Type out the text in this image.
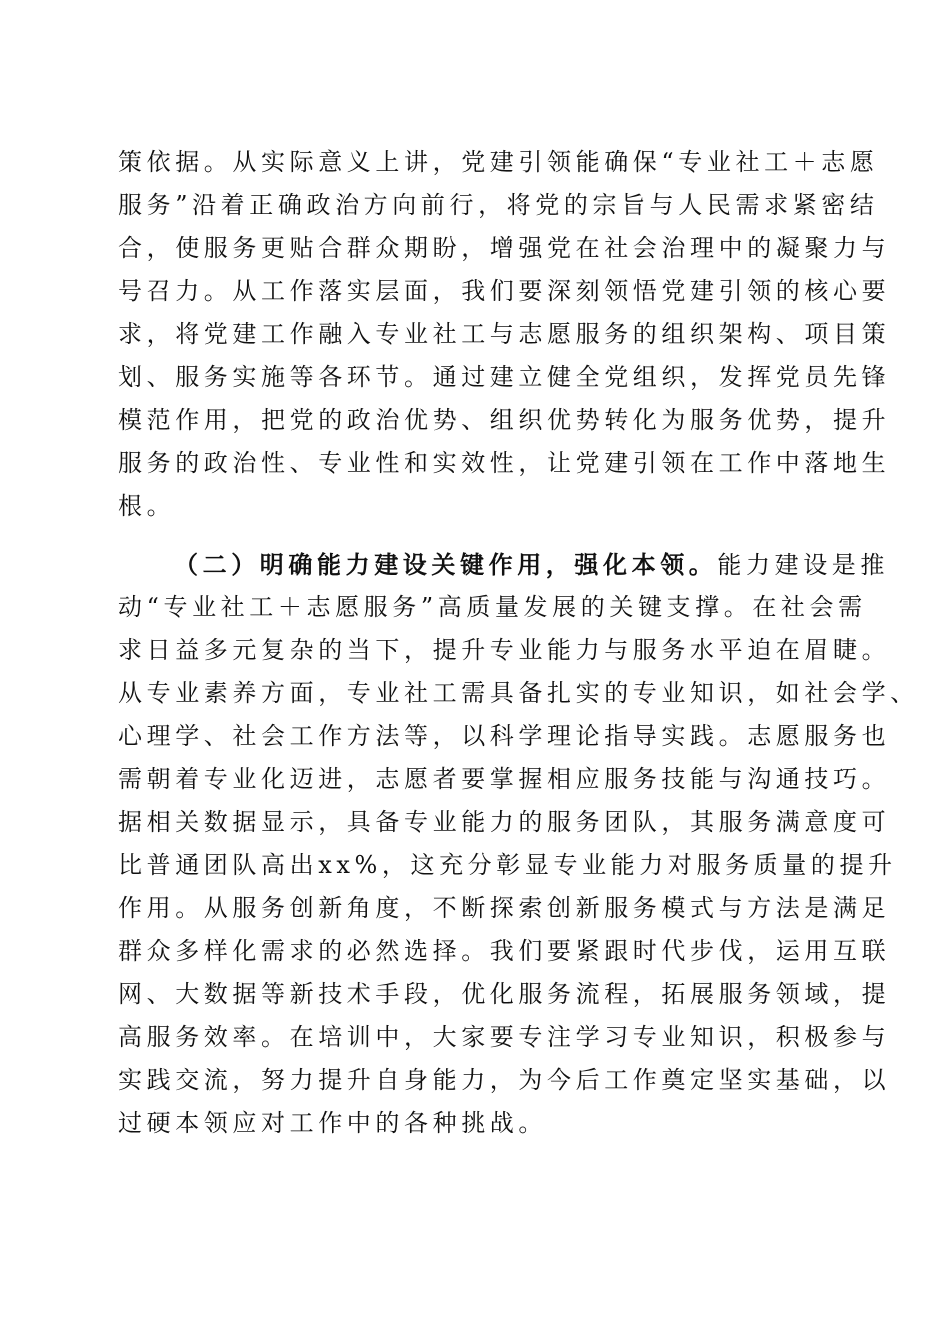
策依据。从实际意义上讲，党建引领能确保“专业社工＋志愿
服务”沿着正确政治方向前行，将党的宗旨与人民需求紧密结
合，使服务更贴合群众期盼，增强党在社会治理中的凝聚力与
号召力。从工作落实层面，我们要深刻领悟党建引领的核心要
求，将党建工作融入专业社工与志愿服务的组织架构、项目策
划、服务实施等各环节。通过建立健全党组织，发挥党员先锋
模范作用，把党的政治优势、组织优势转化为服务优势，提升
服务的政治性、专业性和实效性，让党建引领在工作中落地生
根。
（二）明确能力建设关键作用，强化本领。能力建设是推
动“专业社工＋志愿服务”高质量发展的关键支撑。在社会需
求日益多元复杂的当下，提升专业能力与服务水平迫在眉睫。
从专业素养方面，专业社工需具备扎实的专业知识，如社会学、
心理学、社会工作方法等，以科学理论指导实践。志愿服务也
需朝着专业化迈进，志愿者要掌握相应服务技能与沟通技巧。
据相关数据显示，具备专业能力的服务团队，其服务满意度可
比普通团队高出xx%，这充分彰显专业能力对服务质量的提升
作用。从服务创新角度，不断探索创新服务模式与方法是满足
群众多样化需求的必然选择。我们要紧跟时代步伐，运用互联
网、大数据等新技术手段，优化服务流程，拓展服务领域，提
高服务效率。在培训中，大家要专注学习专业知识，积极参与
实践交流，努力提升自身能力，为今后工作奠定坚实基础，以
过硬本领应对工作中的各种挑战。
